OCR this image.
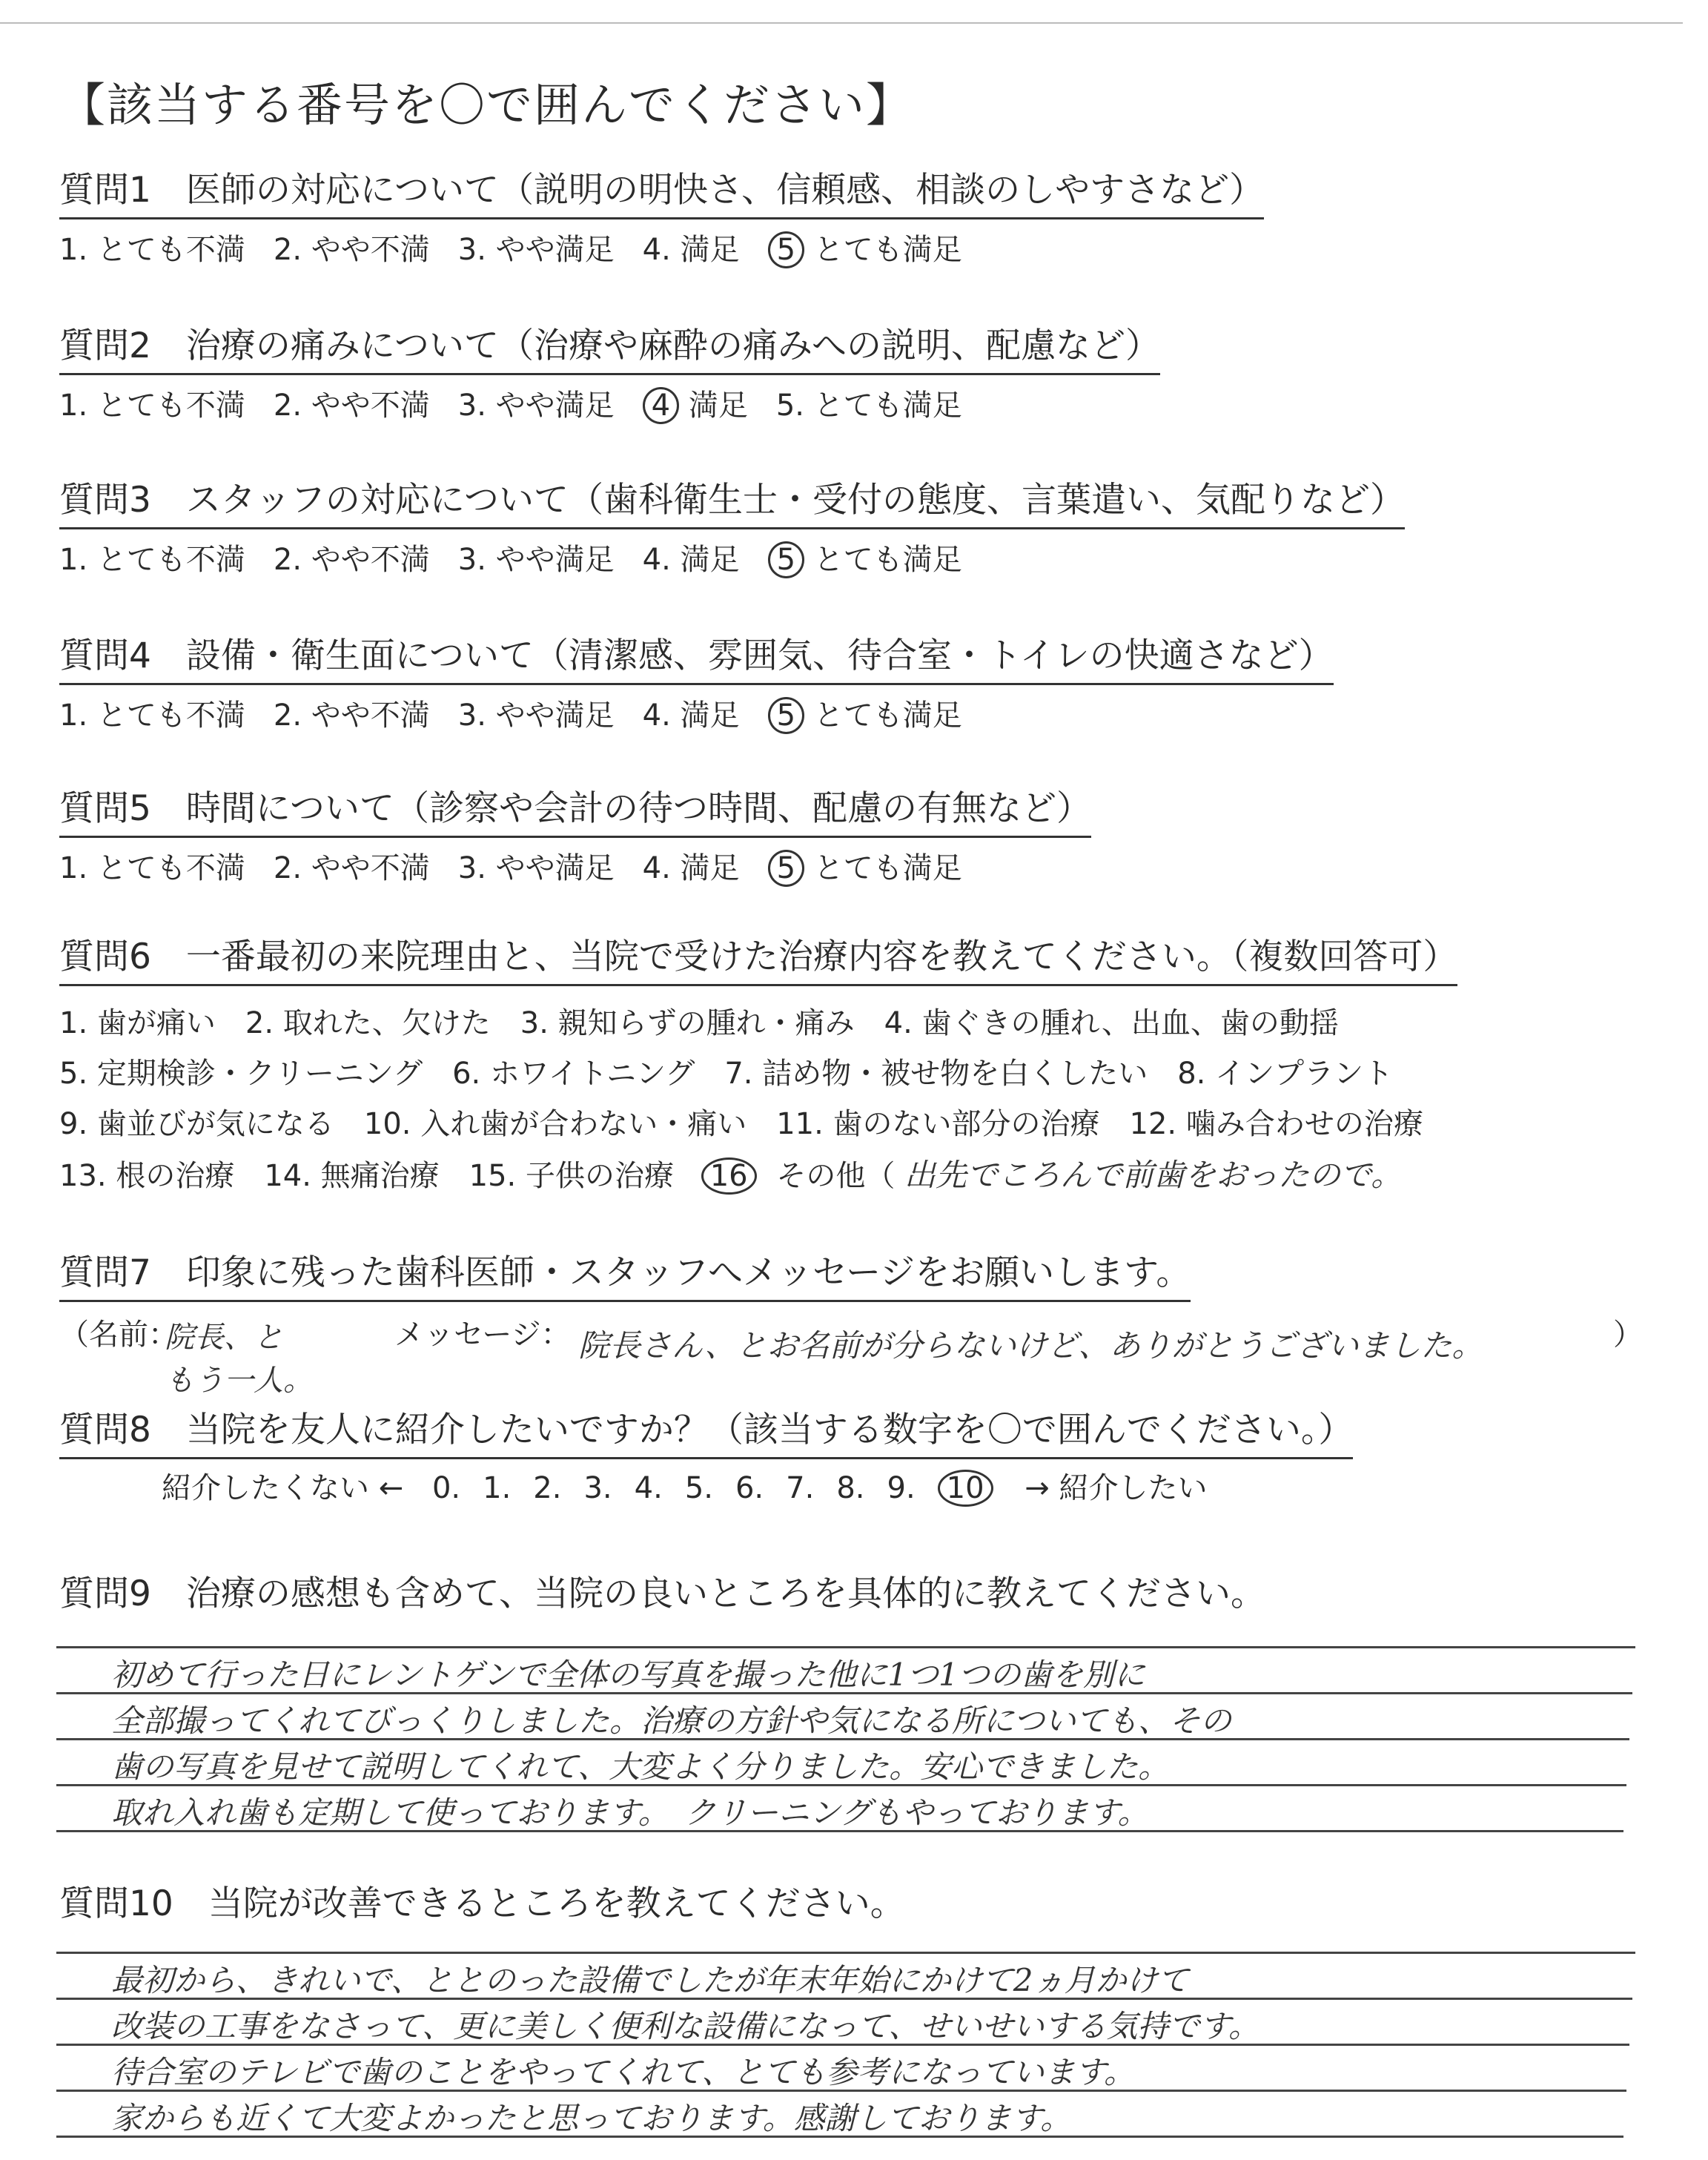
【該当する番号を〇で囲んでください】
質問1　医師の対応について（説明の明快さ、信頼感、相談のしやすさなど）
1. とても不満 2. やや不満 3. やや満足 4. 満足 5 とても満足
質問2　治療の痛みについて（治療や麻酔の痛みへの説明、配慮など）
1. とても不満 2. やや不満 3. やや満足 4 満足 5. とても満足
質問3　スタッフの対応について（歯科衛生士・受付の態度、言葉遣い、気配りなど）
1. とても不満 2. やや不満 3. やや満足 4. 満足 5 とても満足
質問4　設備・衛生面について（清潔感、雰囲気、待合室・トイレの快適さなど）
1. とても不満 2. やや不満 3. やや満足 4. 満足 5 とても満足
質問5　時間について（診察や会計の待つ時間、配慮の有無など）
1. とても不満 2. やや不満 3. やや満足 4. 満足 5 とても満足
質問6　一番最初の来院理由と、当院で受けた治療内容を教えてください。（複数回答可）
1. 歯が痛い　2. 取れた、欠けた　3. 親知らずの腫れ・痛み　4. 歯ぐきの腫れ、出血、歯の動揺
5. 定期検診・クリーニング　6. ホワイトニング　7. 詰め物・被せ物を白くしたい　8. インプラント
9. 歯並びが気になる　10. 入れ歯が合わない・痛い　11. 歯のない部分の治療　12. 噛み合わせの治療
13. 根の治療　14. 無痛治療　15. 子供の治療 16 その他（ 出先でころんで前歯をおったので。
質問7　印象に残った歯科医師・スタッフへメッセージをお願いします。
（名前：
院長、と
もう一人。
メッセージ： 院長さん、とお名前が分らないけど、ありがとうございました。	）
質問8　当院を友人に紹介したいですか？（該当する数字を〇で囲んでください。）
紹介したくない ← 0. 1. 2. 3. 4. 5. 6. 7. 8. 9. 10 → 紹介したい
質問9　治療の感想も含めて、当院の良いところを具体的に教えてください。
初めて行った日にレントゲンで全体の写真を撮った他に1つ1つの歯を別に
全部撮ってくれてびっくりしました。治療の方針や気になる所についても、その
歯の写真を見せて説明してくれて、大変よく分りました。安心できました。
取れ入れ歯も定期して使っております。　クリーニングもやっております。
質問10　当院が改善できるところを教えてください。
最初から、きれいで、ととのった設備でしたが年末年始にかけて2ヵ月かけて
改装の工事をなさって、更に美しく便利な設備になって、せいせいする気持です。
待合室のテレビで歯のことをやってくれて、とても参考になっています。
家からも近くて大変よかったと思っております。感謝しております。
